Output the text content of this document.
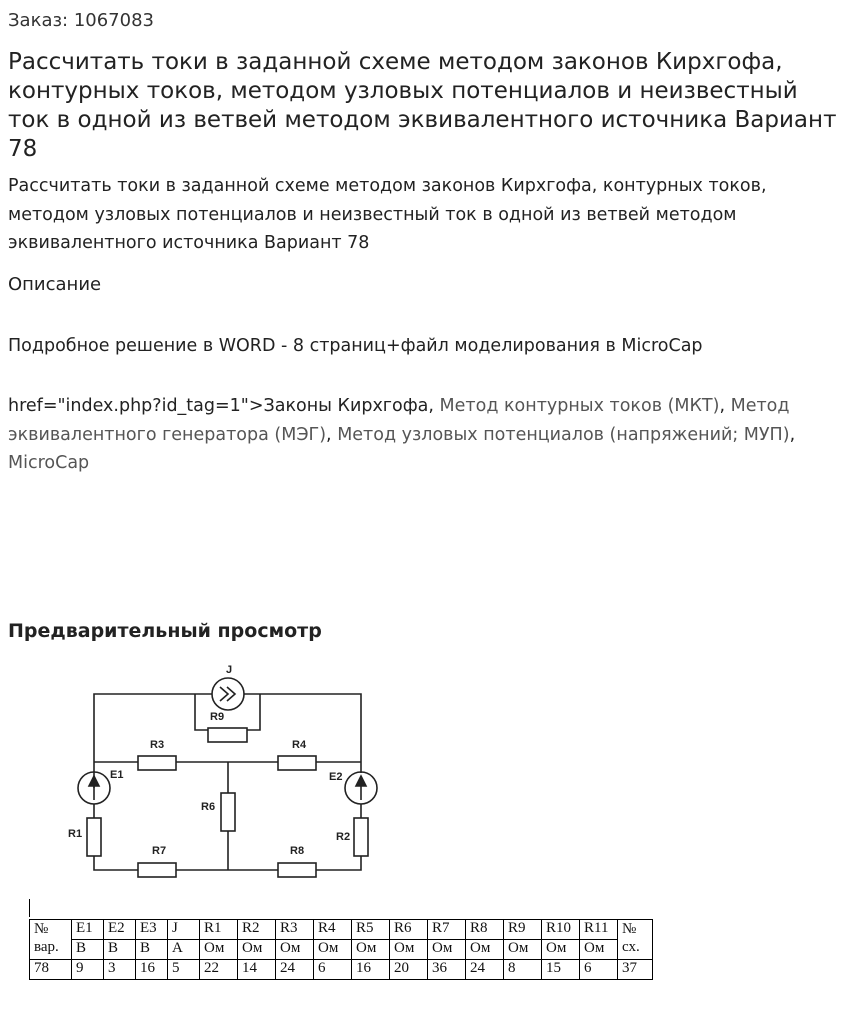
Заказ: 1067083
Рассчитать токи в заданной схеме методом законов Кирхгофа, контурных токов, методом узловых потенциалов и неизвестный ток в одной из ветвей методом эквивалентного источника Вариант 78
Рассчитать токи в заданной схеме методом законов Кирхгофа, контурных токов, методом узловых потенциалов и неизвестный ток в одной из ветвей методом эквивалентного источника Вариант 78
Описание
Подробное решение в WORD - 8 страниц+файл моделирования в MicroCap
href="index.php?id_tag=1">Законы Кирхгофа, Метод контурных токов (МКТ), Метод эквивалентного генератора (МЭГ), Метод узловых потенциалов (напряжений; МУП), MicroCap
Предварительный просмотр
J
R9
R3	R4
E1	E2
R6
R1	R2
R7	R8
№ вар.	E1	E2	E3	J	R1	R2	R3	R4	R5	R6	R7	R8	R9	R10	R11	№ сх.
	В	В	В	А	Ом	Ом	Ом	Ом	Ом	Ом	Ом	Ом	Ом	Ом	Ом	
78	9	3	16	5	22	14	24	6	16	20	36	24	8	15	6	37
